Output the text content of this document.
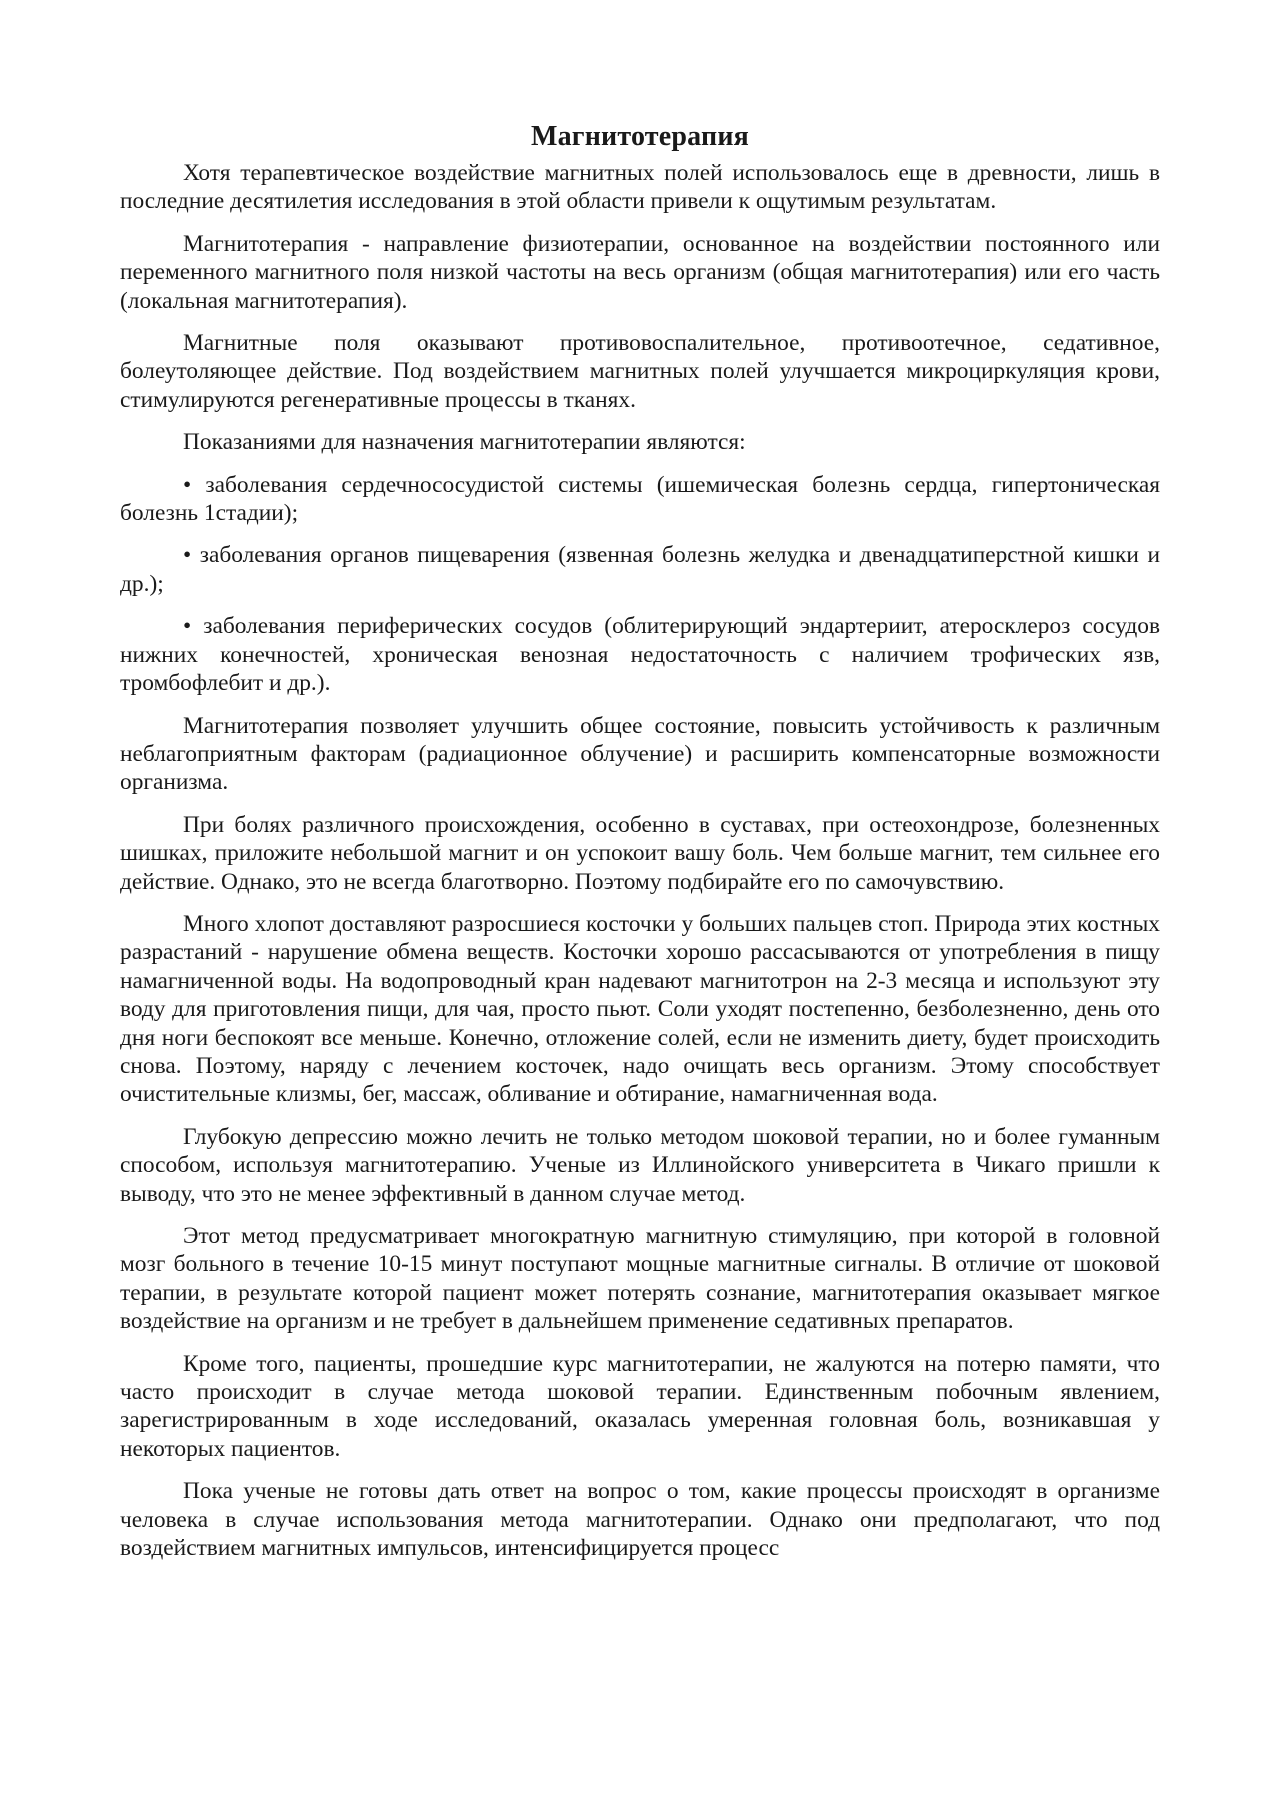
Магнитотерапия

Хотя терапевтическое воздействие магнитных полей использовалось еще в древности, лишь в последние десятилетия исследования в этой области привели к ощутимым результатам.

Магнитотерапия - направление физиотерапии, основанное на воздействии постоянного или переменного магнитного поля низкой частоты на весь организм (общая магнитотерапия) или его часть (локальная магнитотерапия).

Магнитные поля оказывают противовоспалительное, противоотечное, седативное, болеутоляющее действие. Под воздействием магнитных полей улучшается микроциркуляция крови, стимулируются регенеративные процессы в тканях.

Показаниями для назначения магнитотерапии являются:

• заболевания сердечнососудистой системы (ишемическая болезнь сердца, гипертоническая болезнь 1стадии);

• заболевания органов пищеварения (язвенная болезнь желудка и двенадцатиперстной кишки и др.);

• заболевания периферических сосудов (облитерирующий эндартериит, атеросклероз сосудов нижних конечностей, хроническая венозная недостаточность с наличием трофических язв, тромбофлебит и др.).

Магнитотерапия позволяет улучшить общее состояние, повысить устойчивость к различным неблагоприятным факторам (радиационное облучение) и расширить компенсаторные возможности организма.

При болях различного происхождения, особенно в суставах, при остеохондрозе, болезненных шишках, приложите небольшой магнит и он успокоит вашу боль. Чем больше магнит, тем сильнее его действие. Однако, это не всегда благотворно. Поэтому подбирайте его по самочувствию.

Много хлопот доставляют разросшиеся косточки у больших пальцев стоп. Природа этих костных разрастаний - нарушение обмена веществ. Косточки хорошо рассасываются от употребления в пищу намагниченной воды. На водопроводный кран надевают магнитотрон на 2-3 месяца и используют эту воду для приготовления пищи, для чая, просто пьют. Соли уходят постепенно, безболезненно, день ото дня ноги беспокоят все меньше. Конечно, отложение солей, если не изменить диету, будет происходить снова. Поэтому, наряду с лечением косточек, надо очищать весь организм. Этому способствует очистительные клизмы, бег, массаж, обливание и обтирание, намагниченная вода.

Глубокую депрессию можно лечить не только методом шоковой терапии, но и более гуманным способом, используя магнитотерапию. Ученые из Иллинойского университета в Чикаго пришли к выводу, что это не менее эффективный в данном случае метод.

Этот метод предусматривает многократную магнитную стимуляцию, при которой в головной мозг больного в течение 10-15 минут поступают мощные магнитные сигналы. В отличие от шоковой терапии, в результате которой пациент может потерять сознание, магнитотерапия оказывает мягкое воздействие на организм и не требует в дальнейшем применение седативных препаратов.

Кроме того, пациенты, прошедшие курс магнитотерапии, не жалуются на потерю памяти, что часто происходит в случае метода шоковой терапии. Единственным побочным явлением, зарегистрированным в ходе исследований, оказалась умеренная головная боль, возникавшая у некоторых пациентов.

Пока ученые не готовы дать ответ на вопрос о том, какие процессы происходят в организме человека в случае использования метода магнитотерапии. Однако они предполагают, что под воздействием магнитных импульсов, интенсифицируется процесс
